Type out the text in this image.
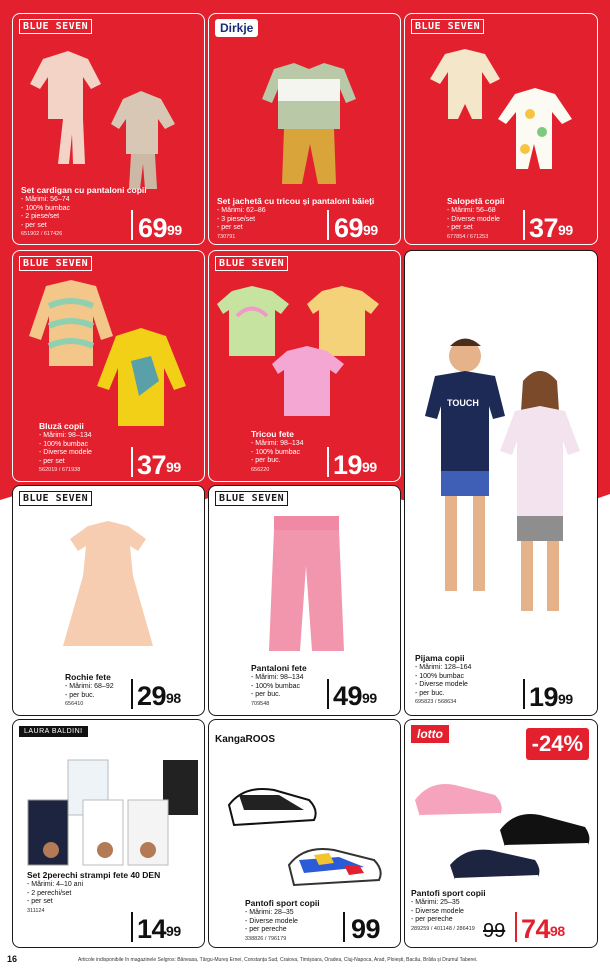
BLUE SEVEN
Set cardigan cu pantaloni copii
- Mărimi: 56–74
- 100% bumbac
- 2 piese/set
- per set
651902 / 617426	$69^{99}$
Dirkje
Set jachetă cu tricou și pantaloni băieți
- Mărimi: 62–86
- 3 piese/set
- per set
730791	$69^{99}$
BLUE SEVEN
Salopetă copii
- Mărimi: 56–68
- Diverse modele
- per set
677854 / 671253	$37^{99}$
BLUE SEVEN
Bluză copii
- Mărimi: 98–134
- 100% bumbac
- Diverse modele
- per set
562019 / 671938	$37^{99}$
BLUE SEVEN
Tricou fete
- Mărimi: 98–134
- 100% bumbac
- per buc.
656220	$19^{99}$
TOUCH
Pijama copii
- Mărimi: 128–164
- 100% bumbac
- Diverse modele
- per buc.
695823 / 568634	$19^{99}$
BLUE SEVEN
Rochie fete
- Mărimi: 68–92
- per buc.
656410	$29^{98}$
BLUE SEVEN
Pantaloni fete
- Mărimi: 98–134
- 100% bumbac
- per buc.
709548	$49^{99}$
LAURA BALDINI
Set 2perechi strampi fete 40 DEN
- Mărimi: 4–10 ani
- 2 perechi/set
- per set
311124
$14^{99}$
KangaROOS
Pantofi sport copii
- Mărimi: 28–35
- Diverse modele
- per pereche
338826 / 796179	99
lotto	-24%
Pantofi sport copii
- Mărimi: 25–35
- Diverse modele
- per pereche
289259 / 401148 / 286419 99 $74^{98}$
16	Articole indisponibile în magazinele Selgros: Băneasa, Târgu-Mureș Ernei, Constanța Sud, Craiova, Timișoara, Oradea, Cluj-Napoca, Arad, Ploiești, Bacău, Brăila și Drumul Taberei.
